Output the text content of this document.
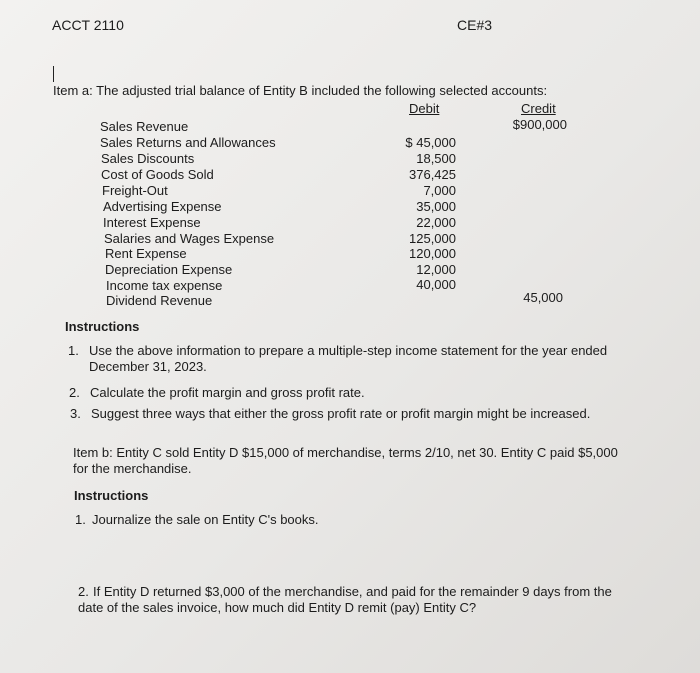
ACCT 2110	CE#3
Item a: The adjusted trial balance of Entity B included the following selected accounts:
Debit	Credit
Sales Revenue
Sales Returns and Allowances
Sales Discounts
Cost of Goods Sold
Freight-Out
Advertising Expense
Interest Expense
Salaries and Wages Expense
Rent Expense
Depreciation Expense
Income tax expense
Dividend Revenue
$ 45,000
18,500
376,425
7,000
35,000
22,000
125,000
120,000
12,000
40,000
$900,000
45,000
Instructions
1. Use the above information to prepare a multiple-step income statement for the year ended December 31, 2023.
2. Calculate the profit margin and gross profit rate.
3. Suggest three ways that either the gross profit rate or profit margin might be increased.
Item b: Entity C sold Entity D $15,000 of merchandise, terms 2/10, net 30. Entity C paid $5,000 for the merchandise.
Instructions
1. Journalize the sale on Entity C's books.
2. If Entity D returned $3,000 of the merchandise, and paid for the remainder 9 days from the date of the sales invoice, how much did Entity D remit (pay) Entity C?
